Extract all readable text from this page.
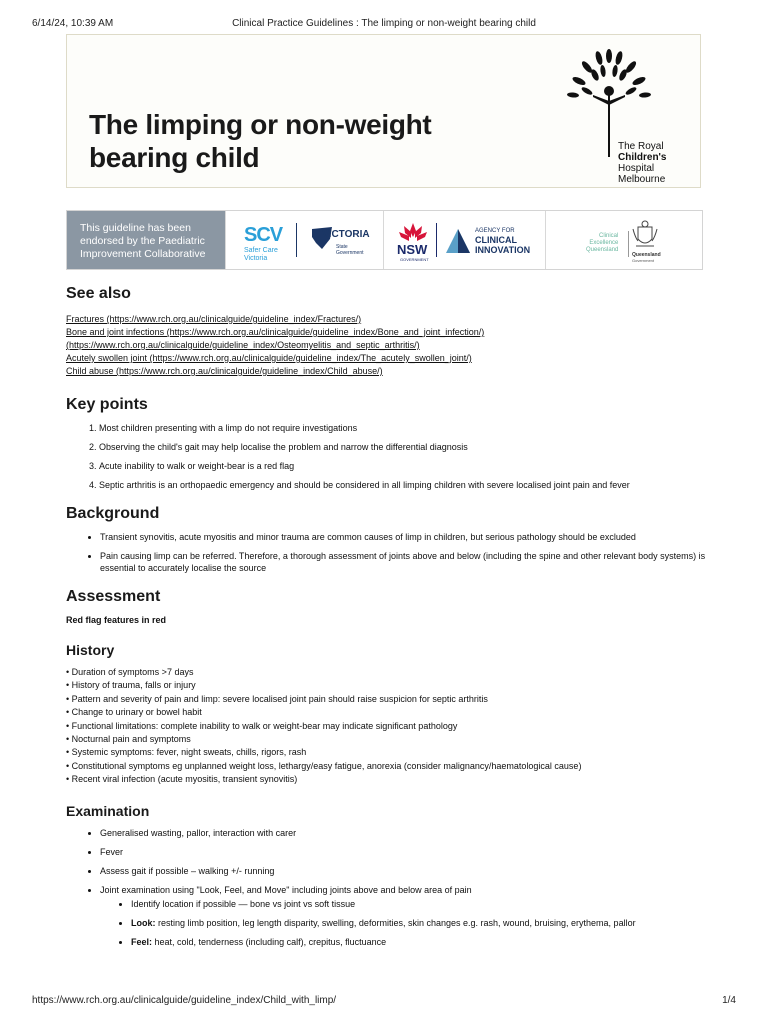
6/14/24, 10:39 AM	Clinical Practice Guidelines : The limping or non-weight bearing child
The limping or non-weight bearing child	The Royal
Children's
Hospital
Melbourne
This guideline has been endorsed by the Paediatric Improvement Collaborative
SCV
Safer Care
Victoria
VICTORIA
State
Government	NSW
GOVERNMENT
AGENCY FOR
CLINICAL
INNOVATION
Clinical
Excellence
Queensland
Queensland
Government
See also
Fractures (https://www.rch.org.au/clinicalguide/guideline_index/Fractures/)
Bone and joint infections (https://www.rch.org.au/clinicalguide/guideline_index/Bone_and_joint_infection/)
(https://www.rch.org.au/clinicalguide/guideline_index/Osteomyelitis_and_septic_arthritis/)
Acutely swollen joint (https://www.rch.org.au/clinicalguide/guideline_index/The_acutely_swollen_joint/)
Child abuse (https://www.rch.org.au/clinicalguide/guideline_index/Child_abuse/)
Key points
1. Most children presenting with a limp do not require investigations
2. Observing the child's gait may help localise the problem and narrow the differential diagnosis
3. Acute inability to walk or weight-bear is a red flag
4. Septic arthritis is an orthopaedic emergency and should be considered in all limping children with severe localised joint pain and fever
Background
• Transient synovitis, acute myositis and minor trauma are common causes of limp in children, but serious pathology should be excluded
• Pain causing limp can be referred. Therefore, a thorough assessment of joints above and below (including the spine and other relevant body systems) is essential to accurately localise the source
Assessment
Red flag features in red
History
• Duration of symptoms >7 days
• History of trauma, falls or injury
• Pattern and severity of pain and limp: severe localised joint pain should raise suspicion for septic arthritis
• Change to urinary or bowel habit
• Functional limitations: complete inability to walk or weight-bear may indicate significant pathology
• Nocturnal pain and symptoms
• Systemic symptoms: fever, night sweats, chills, rigors, rash
• Constitutional symptoms eg unplanned weight loss, lethargy/easy fatigue, anorexia (consider malignancy/haematological cause)
• Recent viral infection (acute myositis, transient synovitis)
Examination
• Generalised wasting, pallor, interaction with carer
• Fever
• Assess gait if possible – walking +/- running
• Joint examination using "Look, Feel, and Move" including joints above and below area of pain
• Identify location if possible — bone vs joint vs soft tissue
• Look: resting limb position, leg length disparity, swelling, deformities, skin changes e.g. rash, wound, bruising, erythema, pallor
• Feel: heat, cold, tenderness (including calf), crepitus, fluctuance
https://www.rch.org.au/clinicalguide/guideline_index/Child_with_limp/	1/4
